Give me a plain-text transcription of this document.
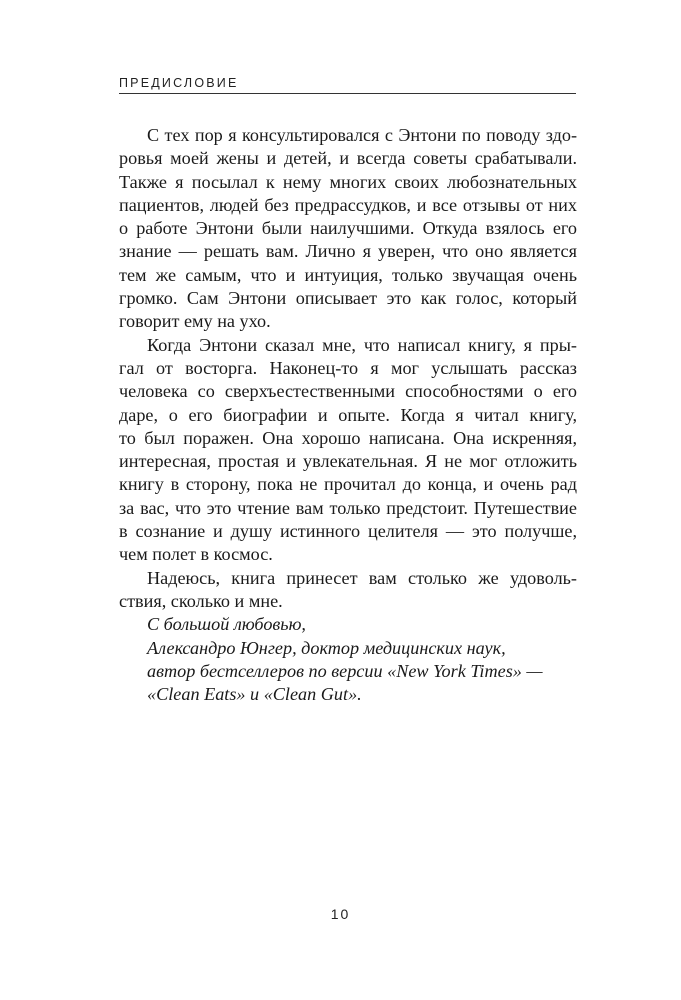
ПРЕДИСЛОВИЕ
С тех пор я консультировался с Энтони по поводу здо-
ровья моей жены и детей, и всегда советы срабатывали.
Также я посылал к нему многих своих любознательных
пациентов, людей без предрассудков, и все отзывы от них
о работе Энтони были наилучшими. Откуда взялось его
знание — решать вам. Лично я уверен, что оно является
тем же самым, что и интуиция, только звучащая очень
громко. Сам Энтони описывает это как голос, который
говорит ему на ухо.
Когда Энтони сказал мне, что написал книгу, я пры-
гал от восторга. Наконец-то я мог услышать рассказ
человека со сверхъестественными способностями о его
даре, о его биографии и опыте. Когда я читал книгу,
то был поражен. Она хорошо написана. Она искренняя,
интересная, простая и увлекательная. Я не мог отложить
книгу в сторону, пока не прочитал до конца, и очень рад
за вас, что это чтение вам только предстоит. Путешествие
в сознание и душу истинного целителя — это получше,
чем полет в космос.
Надеюсь, книга принесет вам столько же удоволь-
ствия, сколько и мне.
С большой любовью,
Александро Юнгер, доктор медицинских наук,
автор бестселлеров по версии «New York Times» —
«Clean Eats» и «Clean Gut».
10
